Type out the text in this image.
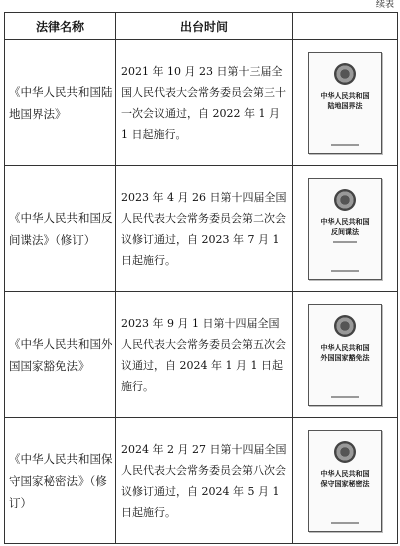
续表
法律名称	出台时间	
《中华人民共和国陆地国界法》	2021 年 10 月 23 日第十三届全国人民代表大会常务委员会第三十一次会议通过，自 2022 年 1 月 1 日起施行。	中华人民共和国
陆地国界法

《中华人民共和国反间谍法》（修订）	2023 年 4 月 26 日第十四届全国人民代表大会常务委员会第二次会议修订通过，自 2023 年 7 月 1 日起施行。	中华人民共和国
反间谍法

《中华人民共和国外国国家豁免法》	2023 年 9 月 1 日第十四届全国人民代表大会常务委员会第五次会议通过，自 2024 年 1 月 1 日起施行。	中华人民共和国
外国国家豁免法

《中华人民共和国保守国家秘密法》（修订）	2024 年 2 月 27 日第十四届全国人民代表大会常务委员会第八次会议修订通过，自 2024 年 5 月 1 日起施行。	中华人民共和国
保守国家秘密法
